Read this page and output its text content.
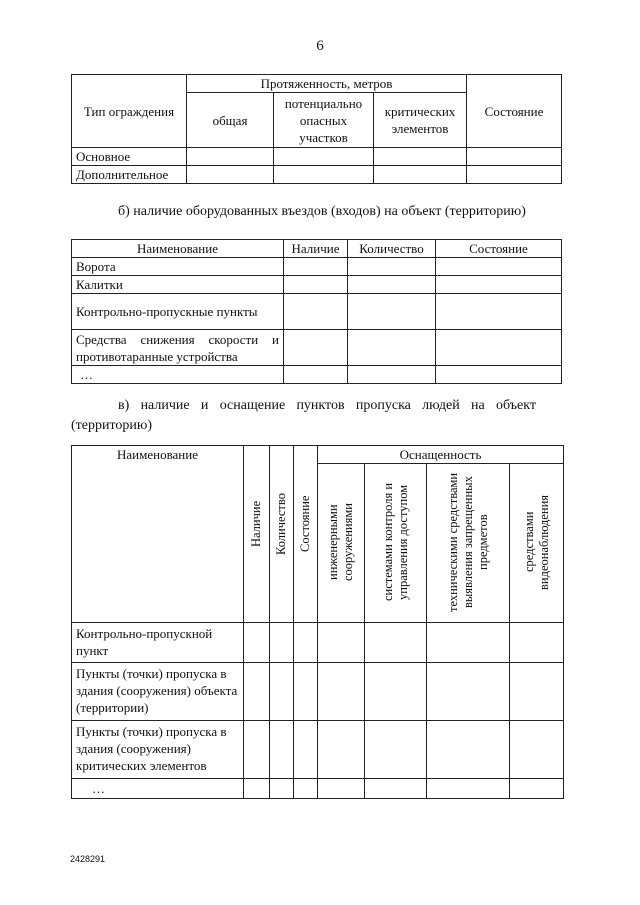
6
Тип ограждения	Протяженность, метров			Состояние
	общая	потенциально опасных участков	критических элементов	
Основное				
Дополнительное				
б) наличие оборудованных въездов (входов) на объект (территорию)
Наименование	Наличие	Количество	Состояние
Ворота			
Калитки			
Контрольно-пропускные пункты			
Средства снижения скорости и противотаранные устройства			
…			
в) наличие и оснащение пунктов пропуска людей на объект
(территорию)
Наименование	Наличие	Количество	Состояние	Оснащенность			

				инженерными сооружениями	системами контроля и управления доступом	техническими средствами выявления запрещенных предметов	средствами видеонаблюдения

Контрольно-пропускной пункт							
Пункты (точки) пропуска в здания (сооружения) объекта (территории)							
Пункты (точки) пропуска в здания (сооружения) критических элементов							
…							
2428291
